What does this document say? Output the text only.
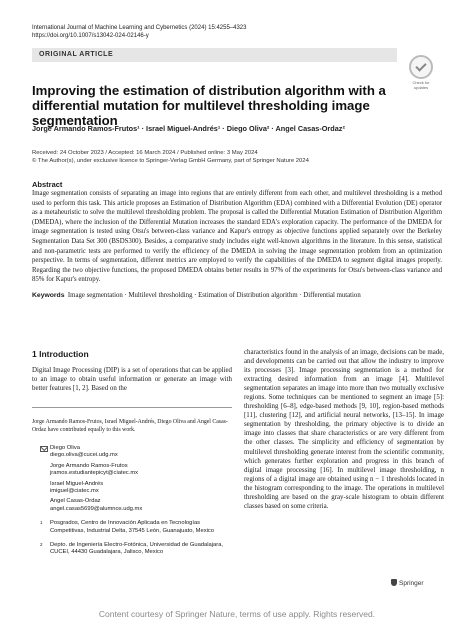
International Journal of Machine Learning and Cybernetics (2024) 15:4255–4323
https://doi.org/10.1007/s13042-024-02146-y
ORIGINAL ARTICLE
Check for updates
Improving the estimation of distribution algorithm with a differential mutation for multilevel thresholding image segmentation
Jorge Armando Ramos-Frutos¹ · Israel Miguel-Andrés¹ · Diego Oliva² · Angel Casas-Ordaz²
Received: 24 October 2023 / Accepted: 16 March 2024 / Published online: 3 May 2024
© The Author(s), under exclusive licence to Springer-Verlag GmbH Germany, part of Springer Nature 2024
Abstract
Image segmentation consists of separating an image into regions that are entirely different from each other, and multilevel thresholding is a method used to perform this task. This article proposes an Estimation of Distribution Algorithm (EDA) combined with a Differential Evolution (DE) operator as a metaheuristic to solve the multilevel thresholding problem. The proposal is called the Differential Mutation Estimation of Distribution Algorithm (DMEDA), where the inclusion of the Differential Mutation increases the standard EDA's exploration capacity. The performance of the DMEDA for image segmentation is tested using Otsu's between-class variance and Kapur's entropy as objective functions applied separately over the Berkeley Segmentation Data Set 300 (BSDS300). Besides, a comparative study includes eight well-known algorithms in the literature. In this sense, statistical and non-parametric tests are performed to verify the efficiency of the DMEDA in solving the image segmentation problem from an optimization perspective. In terms of segmentation, different metrics are employed to verify the capabilities of the DMEDA to segment digital images properly. Regarding the two objective functions, the proposed DMEDA obtains better results in 97% of the experiments for Otsu's between-class variance and 85% for Kapur's entropy.
Keywords Image segmentation · Multilevel thresholding · Estimation of Distribution algorithm · Differential mutation
1 Introduction
Digital Image Processing (DIP) is a set of operations that can be applied to an image to obtain useful information or generate an image with better features [1, 2]. Based on the
Jorge Armando Ramos-Frutos, Israel Miguel-Andrés, Diego Oliva and Angel Casas-Ordaz have contributed equally to this work.
Diego Oliva
diego.oliva@cucei.udg.mx
Jorge Armando Ramos-Frutos
jramos.estudiantepicyt@ciatec.mx
Israel Miguel-Andrés
imiguel@ciatec.mx
Angel Casas-Ordaz
angel.casas5699@alumnos.udg.mx
1 Posgrados, Centro de Innovación Aplicada en Tecnologías Competitivas, Industrial Delta, 37545 León, Guanajuato, Mexico
2 Depto. de Ingeniería Electro-Fotónica, Universidad de Guadalajara, CUCEI, 44430 Guadalajara, Jalisco, Mexico
characteristics found in the analysis of an image, decisions can be made, and developments can be carried out that allow the industry to improve its processes [3]. Image processing segmentation is a method for extracting desired information from an image [4]. Multilevel segmentation separates an image into more than two mutually exclusive regions. Some techniques can be mentioned to segment an image [5]: thresholding [6–8], edge-based methods [9, 10], region-based methods [11], clustering [12], and artificial neural networks, [13–15]. In image segmentation by thresholding, the primary objective is to divide an image into classes that share characteristics or are very different from the other classes. The simplicity and efficiency of segmentation by multilevel thresholding generate interest from the scientific community, which generates further exploration and progress in this branch of digital image processing [16]. In multilevel image thresholding, n regions of a digital image are obtained using n − 1 thresholds located in the histogram corresponding to the image. The operations in multilevel thresholding are based on the gray-scale histogram to obtain different classes based on some criteria.
Springer
Content courtesy of Springer Nature, terms of use apply. Rights reserved.
